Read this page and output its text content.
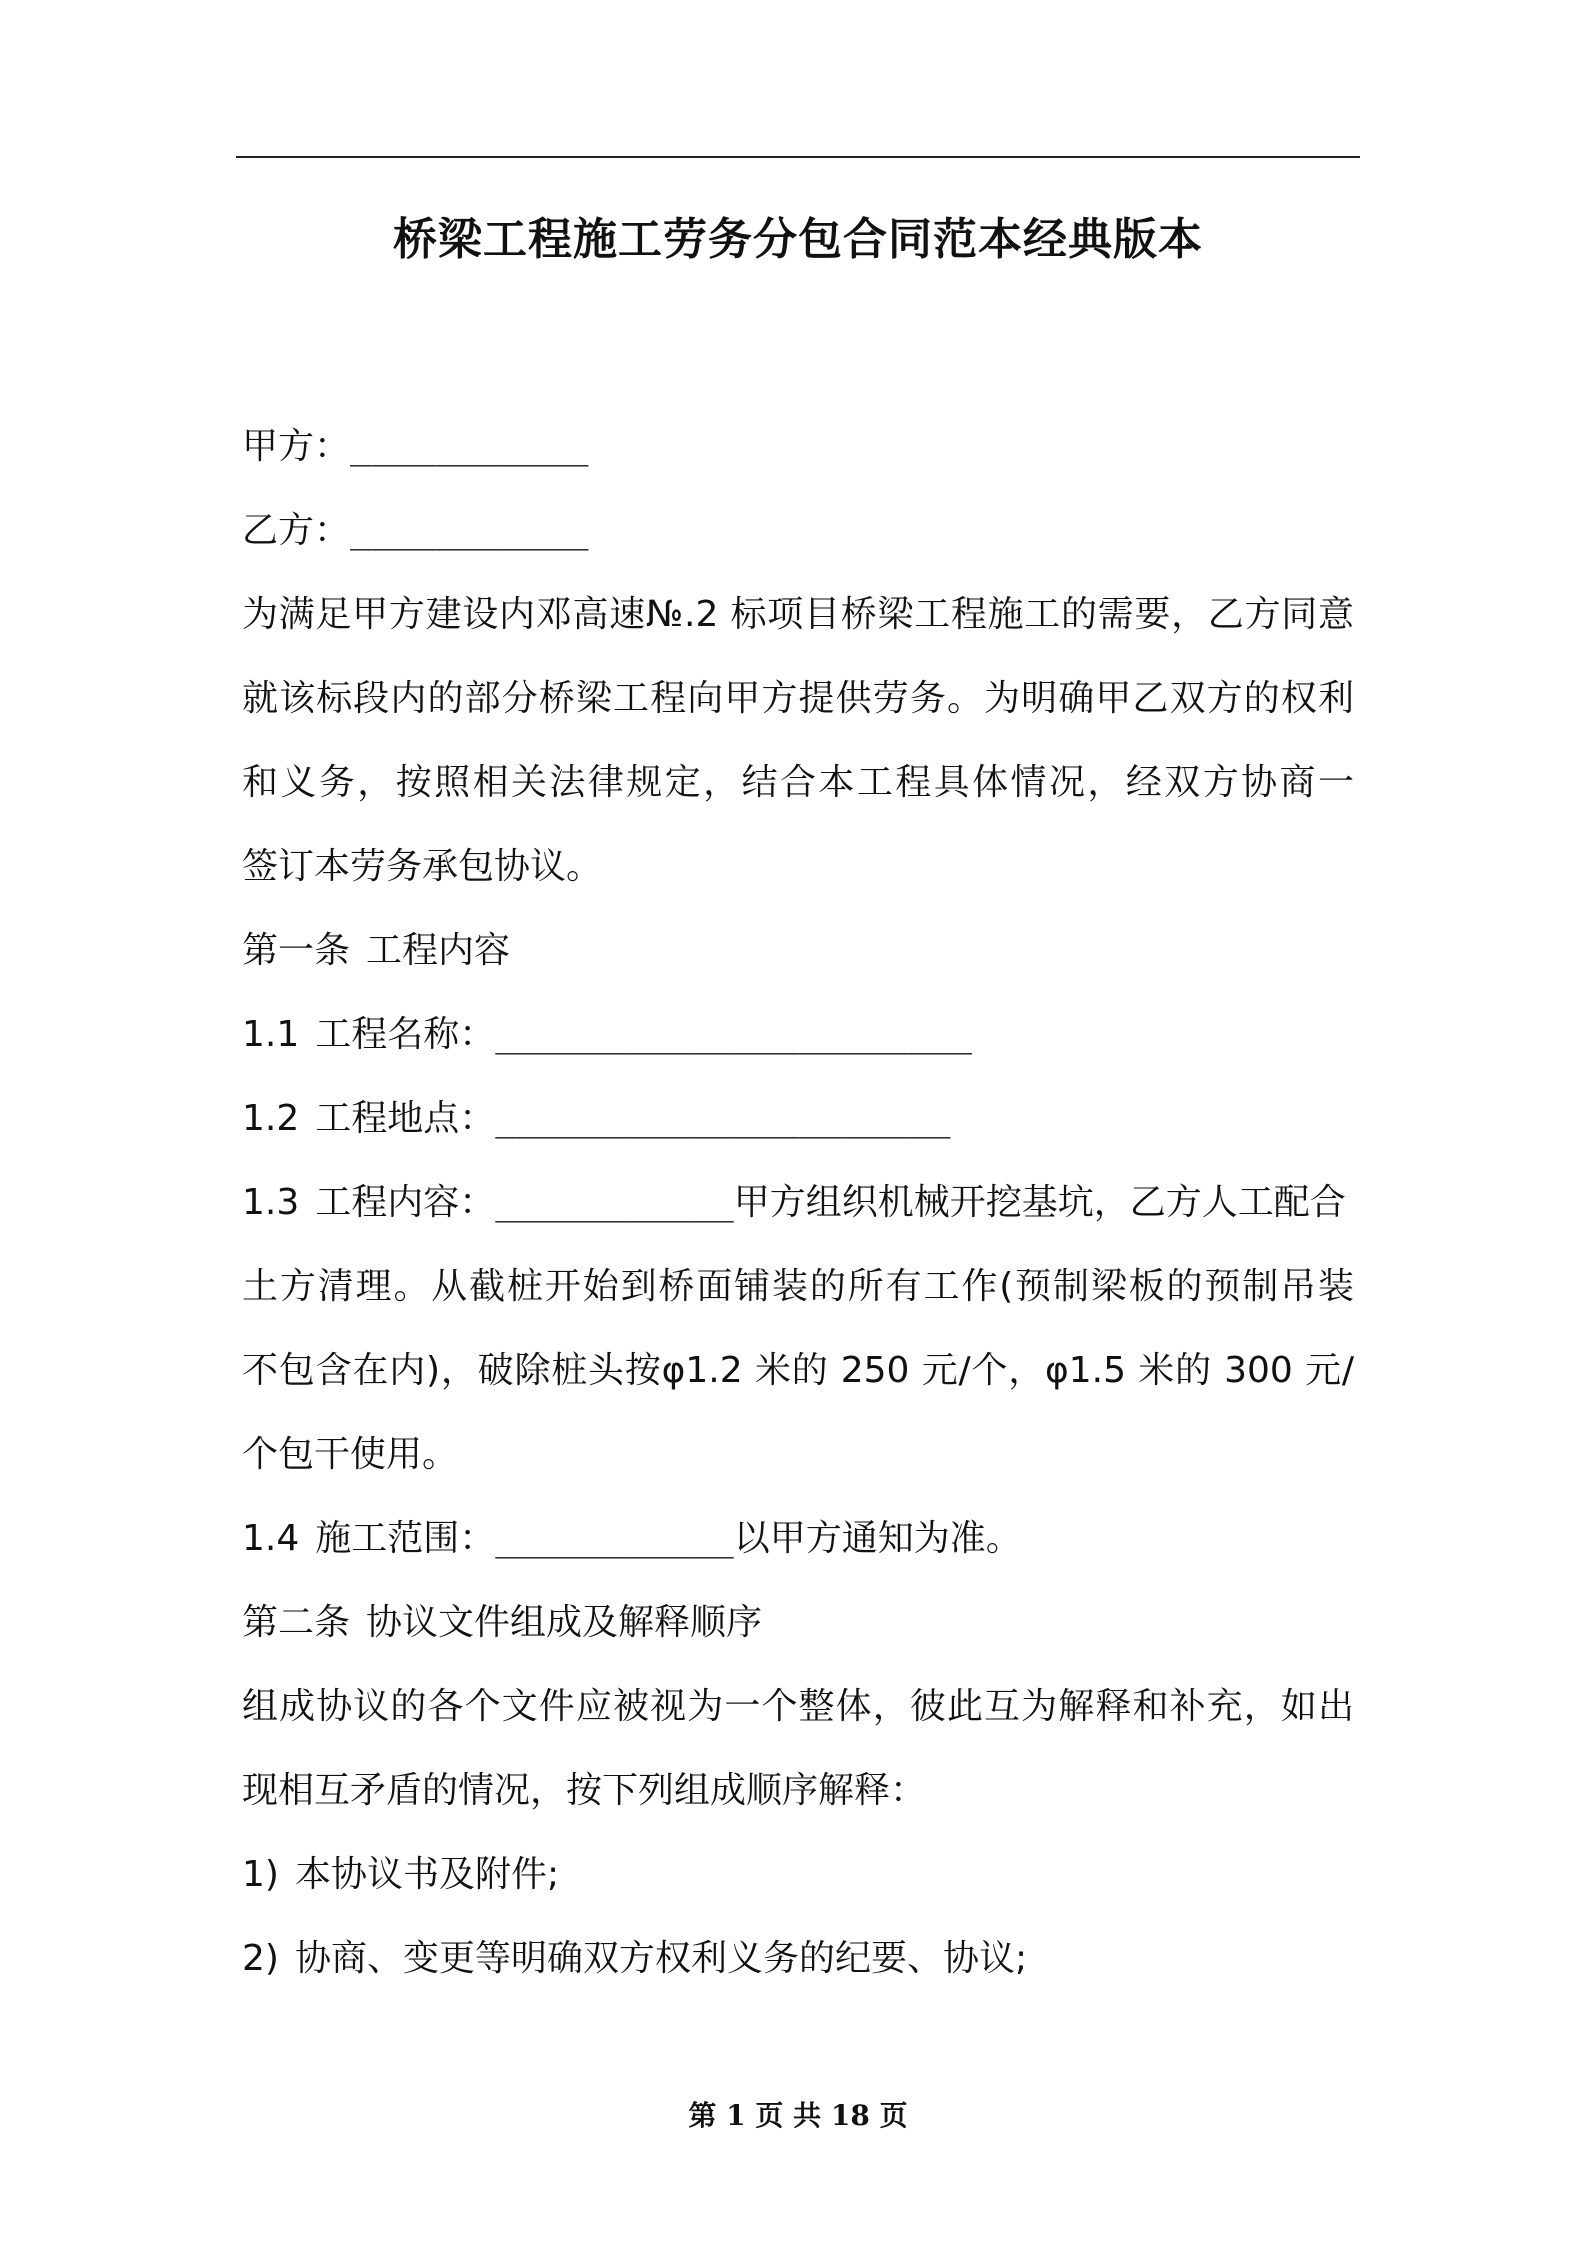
桥梁工程施工劳务分包合同范本经典版本
甲方：___________
乙方：___________
为满足甲方建设内邓高速№.2 标项目桥梁工程施工的需要，乙方同意
就该标段内的部分桥梁工程向甲方提供劳务。为明确甲乙双方的权利
和义务，按照相关法律规定，结合本工程具体情况，经双方协商一
签订本劳务承包协议。
第一条 工程内容
1.1 工程名称：______________________
1.2 工程地点：_____________________
1.3 工程内容：___________甲方组织机械开挖基坑，乙方人工配合
土方清理。从截桩开始到桥面铺装的所有工作(预制梁板的预制吊装
不包含在内)，破除桩头按φ1.2 米的 250 元/个，φ1.5 米的 300 元/
个包干使用。
1.4 施工范围：___________以甲方通知为准。
第二条 协议文件组成及解释顺序
组成协议的各个文件应被视为一个整体，彼此互为解释和补充，如出
现相互矛盾的情况，按下列组成顺序解释：
1) 本协议书及附件;
2) 协商、变更等明确双方权利义务的纪要、协议;
第 1 页 共 18 页
